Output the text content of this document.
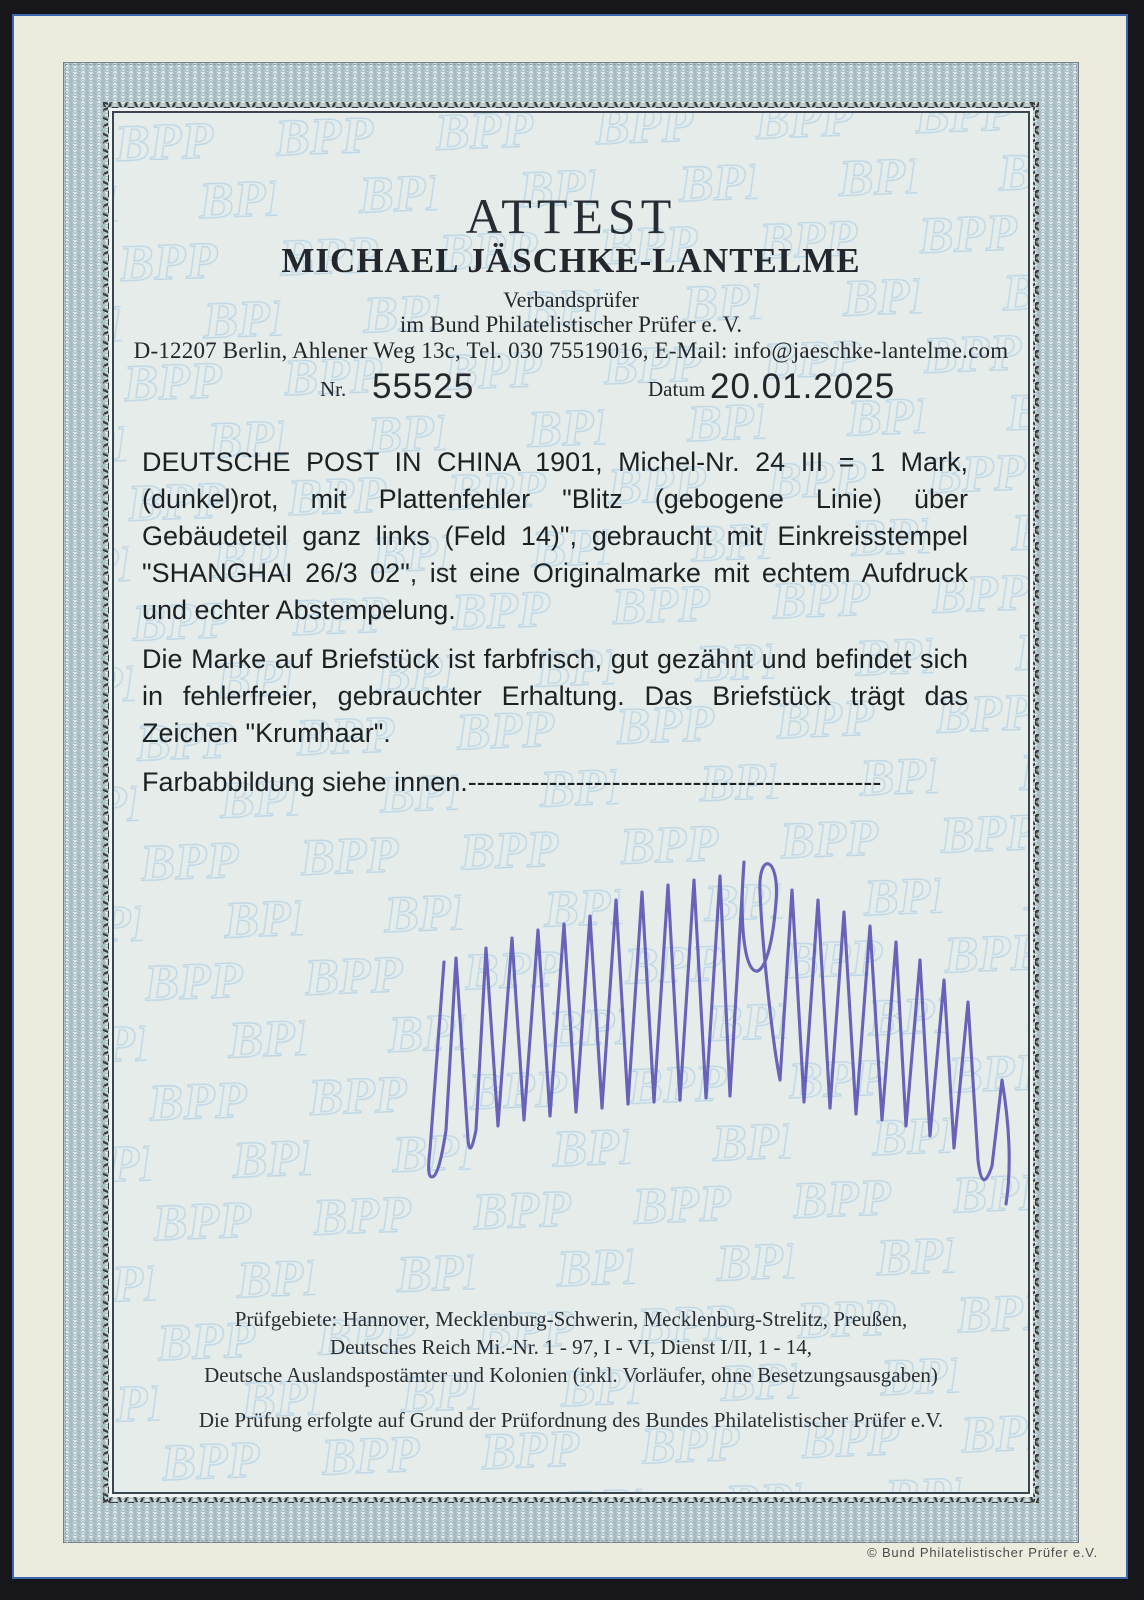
ATTEST
MICHAEL JÄSCHKE-LANTELME
Verbandsprüfer
im Bund Philatelistischer Prüfer e. V.
D-12207 Berlin, Ahlener Weg 13c, Tel. 030 75519016, E-Mail: info@jaeschke-lantelme.com
Nr. 55525	Datum 20.01.2025

DEUTSCHE POST IN CHINA 1901, Michel-Nr. 24 III = 1 Mark, (dunkel)rot, mit Plattenfehler "Blitz (gebogene Linie) über Gebäudeteil ganz links (Feld 14)", gebraucht mit Einkreisstempel "SHANGHAI 26/3 02", ist eine Originalmarke mit echtem Aufdruck und echter Abstempelung.

Die Marke auf Briefstück ist farbfrisch, gut gezähnt und befindet sich in fehlerfreier, gebrauchter Erhaltung. Das Briefstück trägt das Zeichen "Krumhaar".

Farbabbildung siehe innen.----------------------------------------------

Prüfgebiete: Hannover, Mecklenburg-Schwerin, Mecklenburg-Strelitz, Preußen,
Deutsches Reich Mi.-Nr. 1 - 97, I - VI, Dienst I/II, 1 - 14,
Deutsche Auslandspostämter und Kolonien (inkl. Vorläufer, ohne Besetzungsausgaben)
Die Prüfung erfolgte auf Grund der Prüfordnung des Bundes Philatelistischer Prüfer e.V.
© Bund Philatelistischer Prüfer e.V.
